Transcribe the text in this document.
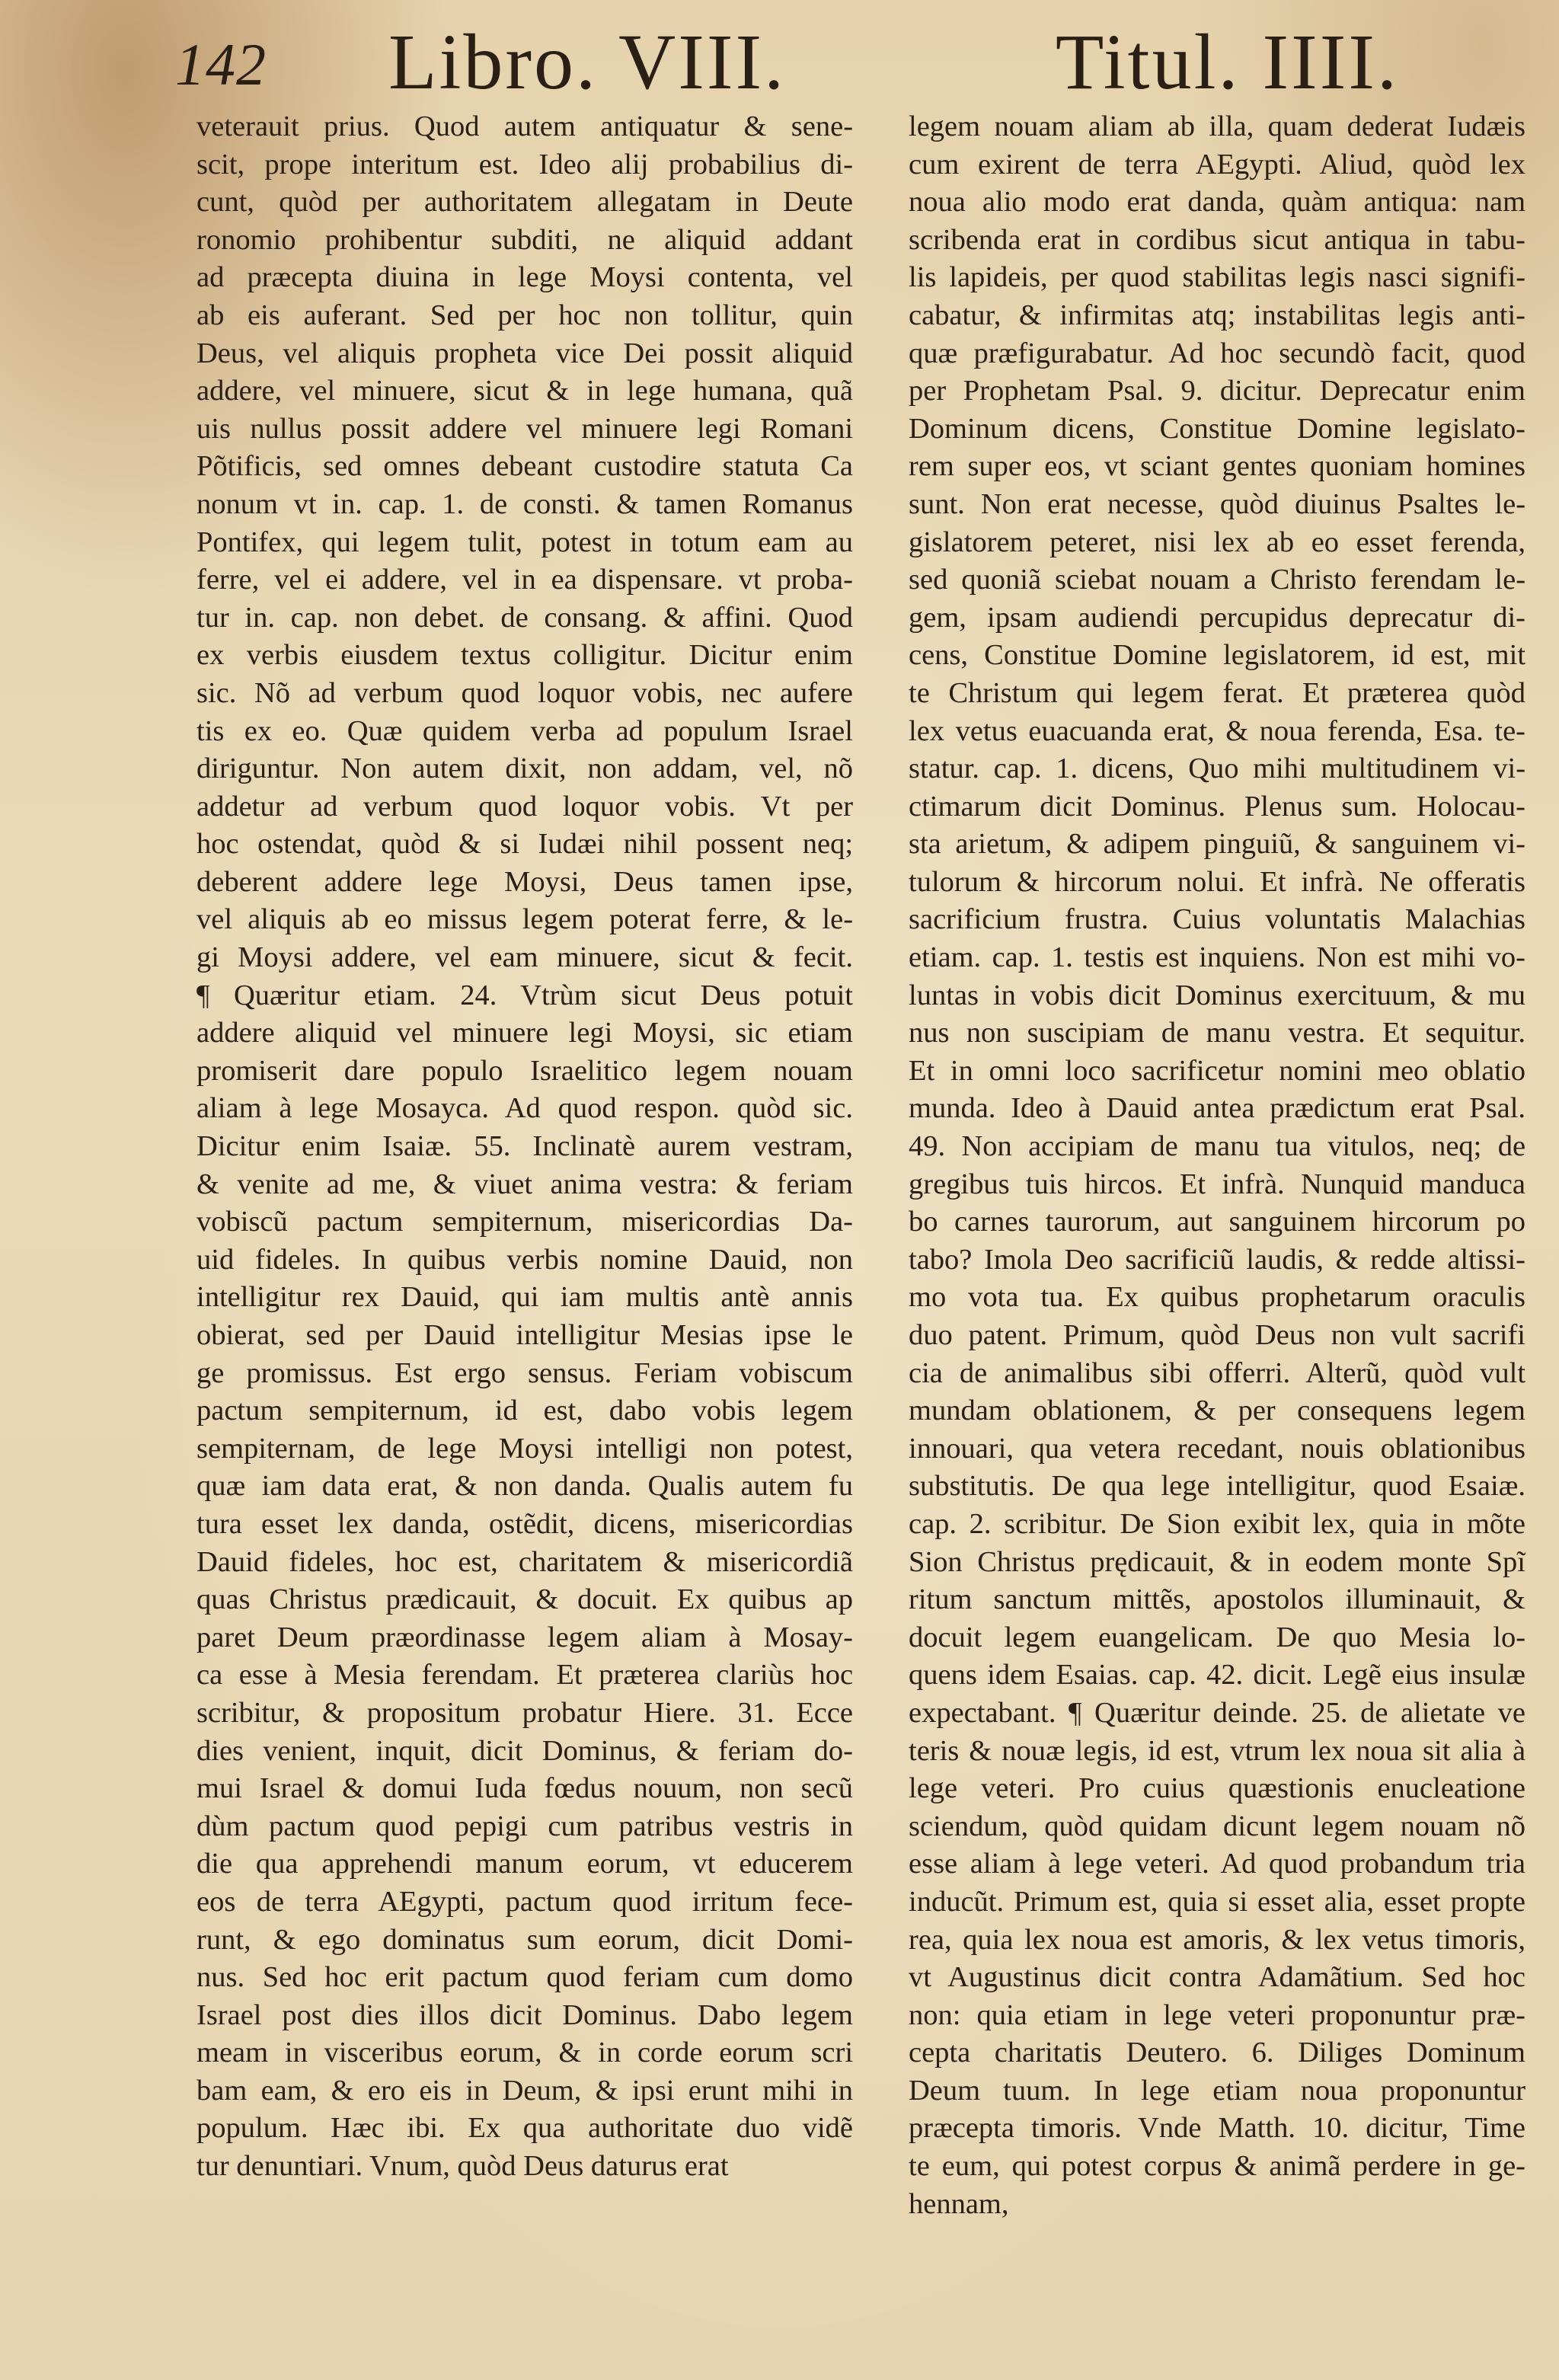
142 Libro. VIII.	Titul. IIII.
veterauit prius. Quod autem antiquatur & sene-
scit, prope interitum est. Ideo alij probabilius di-
cunt, quòd per authoritatem allegatam in Deute
ronomio prohibentur subditi, ne aliquid addant
ad præcepta diuina in lege Moysi contenta, vel
ab eis auferant. Sed per hoc non tollitur, quin
Deus, vel aliquis propheta vice Dei possit aliquid
addere, vel minuere, sicut & in lege humana, quã
uis nullus possit addere vel minuere legi Romani
Põtificis, sed omnes debeant custodire statuta Ca
nonum vt in. cap. 1. de consti. & tamen Romanus
Pontifex, qui legem tulit, potest in totum eam au
ferre, vel ei addere, vel in ea dispensare. vt proba-
tur in. cap. non debet. de consang. & affini. Quod
ex verbis eiusdem textus colligitur. Dicitur enim
sic. Nõ ad verbum quod loquor vobis, nec aufere
tis ex eo. Quæ quidem verba ad populum Israel
diriguntur. Non autem dixit, non addam, vel, nõ
addetur ad verbum quod loquor vobis. Vt per
hoc ostendat, quòd & si Iudæi nihil possent neq;
deberent addere lege Moysi, Deus tamen ipse,
vel aliquis ab eo missus legem poterat ferre, & le-
gi Moysi addere, vel eam minuere, sicut & fecit.
¶ Quæritur etiam. 24. Vtrùm sicut Deus potuit
addere aliquid vel minuere legi Moysi, sic etiam
promiserit dare populo Israelitico legem nouam
aliam à lege Mosayca. Ad quod respon. quòd sic.
Dicitur enim Isaiæ. 55. Inclinatè aurem vestram,
& venite ad me, & viuet anima vestra: & feriam
vobiscũ pactum sempiternum, misericordias Da-
uid fideles. In quibus verbis nomine Dauid, non
intelligitur rex Dauid, qui iam multis antè annis
obierat, sed per Dauid intelligitur Mesias ipse le
ge promissus. Est ergo sensus. Feriam vobiscum
pactum sempiternum, id est, dabo vobis legem
sempiternam, de lege Moysi intelligi non potest,
quæ iam data erat, & non danda. Qualis autem fu
tura esset lex danda, ostẽdit, dicens, misericordias
Dauid fideles, hoc est, charitatem & misericordiã
quas Christus prædicauit, & docuit. Ex quibus ap
paret Deum præordinasse legem aliam à Mosay-
ca esse à Mesia ferendam. Et præterea clariùs hoc
scribitur, & propositum probatur Hiere. 31. Ecce
dies venient, inquit, dicit Dominus, & feriam do-
mui Israel & domui Iuda fœdus nouum, non secũ
dùm pactum quod pepigi cum patribus vestris in
die qua apprehendi manum eorum, vt educerem
eos de terra AEgypti, pactum quod irritum fece-
runt, & ego dominatus sum eorum, dicit Domi-
nus. Sed hoc erit pactum quod feriam cum domo
Israel post dies illos dicit Dominus. Dabo legem
meam in visceribus eorum, & in corde eorum scri
bam eam, & ero eis in Deum, & ipsi erunt mihi in
populum. Hæc ibi. Ex qua authoritate duo vidẽ
tur denuntiari. Vnum, quòd Deus daturus erat
legem nouam aliam ab illa, quam dederat Iudæis
cum exirent de terra AEgypti. Aliud, quòd lex
noua alio modo erat danda, quàm antiqua: nam
scribenda erat in cordibus sicut antiqua in tabu-
lis lapideis, per quod stabilitas legis nasci signifi-
cabatur, & infirmitas atq; instabilitas legis anti-
quæ præfigurabatur. Ad hoc secundò facit, quod
per Prophetam Psal. 9. dicitur. Deprecatur enim
Dominum dicens, Constitue Domine legislato-
rem super eos, vt sciant gentes quoniam homines
sunt. Non erat necesse, quòd diuinus Psaltes le-
gislatorem peteret, nisi lex ab eo esset ferenda,
sed quoniã sciebat nouam a Christo ferendam le-
gem, ipsam audiendi percupidus deprecatur di-
cens, Constitue Domine legislatorem, id est, mit
te Christum qui legem ferat. Et præterea quòd
lex vetus euacuanda erat, & noua ferenda, Esa. te-
statur. cap. 1. dicens, Quo mihi multitudinem vi-
ctimarum dicit Dominus. Plenus sum. Holocau-
sta arietum, & adipem pinguiũ, & sanguinem vi-
tulorum & hircorum nolui. Et infrà. Ne offeratis
sacrificium frustra. Cuius voluntatis Malachias
etiam. cap. 1. testis est inquiens. Non est mihi vo-
luntas in vobis dicit Dominus exercituum, & mu
nus non suscipiam de manu vestra. Et sequitur.
Et in omni loco sacrificetur nomini meo oblatio
munda. Ideo à Dauid antea prædictum erat Psal.
49. Non accipiam de manu tua vitulos, neq; de
gregibus tuis hircos. Et infrà. Nunquid manduca
bo carnes taurorum, aut sanguinem hircorum po
tabo? Imola Deo sacrificiũ laudis, & redde altissi-
mo vota tua. Ex quibus prophetarum oraculis
duo patent. Primum, quòd Deus non vult sacrifi
cia de animalibus sibi offerri. Alterũ, quòd vult
mundam oblationem, & per consequens legem
innouari, qua vetera recedant, nouis oblationibus
substitutis. De qua lege intelligitur, quod Esaiæ.
cap. 2. scribitur. De Sion exibit lex, quia in mõte
Sion Christus prędicauit, & in eodem monte Spĩ
ritum sanctum mittẽs, apostolos illuminauit, &
docuit legem euangelicam. De quo Mesia lo-
quens idem Esaias. cap. 42. dicit. Legẽ eius insulæ
expectabant. ¶ Quæritur deinde. 25. de alietate ve
teris & nouæ legis, id est, vtrum lex noua sit alia à
lege veteri. Pro cuius quæstionis enucleatione
sciendum, quòd quidam dicunt legem nouam nõ
esse aliam à lege veteri. Ad quod probandum tria
inducũt. Primum est, quia si esset alia, esset propte
rea, quia lex noua est amoris, & lex vetus timoris,
vt Augustinus dicit contra Adamãtium. Sed hoc
non: quia etiam in lege veteri proponuntur præ-
cepta charitatis Deutero. 6. Diliges Dominum
Deum tuum. In lege etiam noua proponuntur
præcepta timoris. Vnde Matth. 10. dicitur, Time
te eum, qui potest corpus & animã perdere in ge-
hennam,
